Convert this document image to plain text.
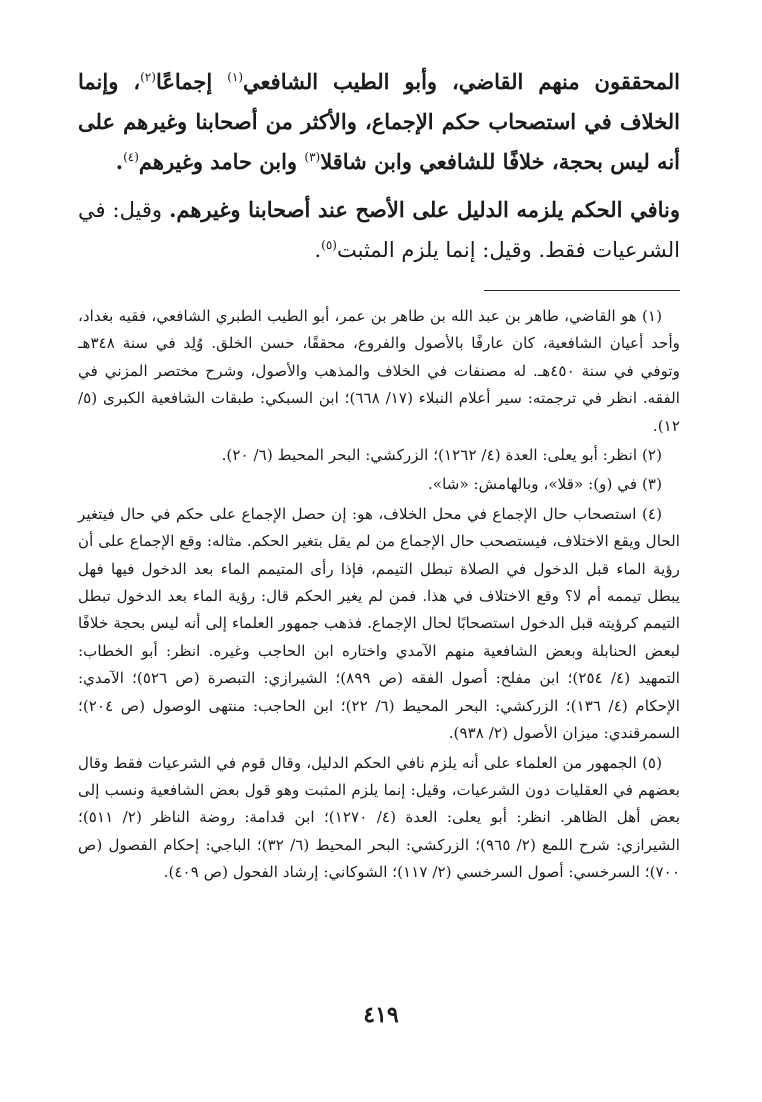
المحققون منهم القاضي، وأبو الطيب الشافعي$^{(١)}$ إجماعًا$^{(٢)}$، وإنما الخلاف في استصحاب حكم الإجماع، والأكثر من أصحابنا وغيرهم على أنه ليس بحجة، خلافًا للشافعي وابن شاقلا$^{(٣)}$ وابن حامد وغيرهم$^{(٤)}$.

ونافي الحكم يلزمه الدليل على الأصح عند أصحابنا وغيرهم. وقيل: في الشرعيات فقط. وقيل: إنما يلزم المثبت$^{(٥)}$.

(١) هو القاضي، طاهر بن عبد الله بن طاهر بن عمر، أبو الطيب الطبري الشافعي، فقيه بغداد، وأحد أعيان الشافعية، كان عارفًا بالأصول والفروع، محققًا، حسن الخلق. وُلِد في سنة ٣٤٨هـ وتوفي في سنة ٤٥٠هـ. له مصنفات في الخلاف والمذهب والأصول، وشرح مختصر المزني في الفقه. انظر في ترجمته: سير أعلام النبلاء (١٧/ ٦٦٨)؛ ابن السبكي: طبقات الشافعية الكبرى (٥/ ١٢).

(٢) انظر: أبو يعلى: العدة (٤/ ١٢٦٢)؛ الزركشي: البحر المحيط (٦/ ٢٠).

(٣) في (و): «قلا»، وبالهامش: «شا».

(٤) استصحاب حال الإجماع في محل الخلاف، هو: إن حصل الإجماع على حكم في حال فيتغير الحال ويقع الاختلاف، فيستصحب حال الإجماع من لم يقل بتغير الحكم. مثاله: وقع الإجماع على أن رؤية الماء قبل الدخول في الصلاة تبطل التيمم، فإذا رأى المتيمم الماء بعد الدخول فيها فهل يبطل تيممه أم لا؟ وقع الاختلاف في هذا. فمن لم يغير الحكم قال: رؤية الماء بعد الدخول تبطل التيمم كرؤيته قبل الدخول استصحابًا لحال الإجماع. فذهب جمهور العلماء إلى أنه ليس بحجة خلافًا لبعض الحنابلة وبعض الشافعية منهم الآمدي واختاره ابن الحاجب وغيره. انظر: أبو الخطاب: التمهيد (٤/ ٢٥٤)؛ ابن مفلح: أصول الفقه (ص ٨٩٩)؛ الشيرازي: التبصرة (ص ٥٢٦)؛ الآمدي: الإحكام (٤/ ١٣٦)؛ الزركشي: البحر المحيط (٦/ ٢٢)؛ ابن الحاجب: منتهى الوصول (ص ٢٠٤)؛ السمرقندي: ميزان الأصول (٢/ ٩٣٨).

(٥) الجمهور من العلماء على أنه يلزم نافي الحكم الدليل، وقال قوم في الشرعيات فقط وقال بعضهم في العقليات دون الشرعيات، وقيل: إنما يلزم المثبت وهو قول بعض الشافعية ونسب إلى بعض أهل الظاهر. انظر: أبو يعلى: العدة (٤/ ١٢٧٠)؛ ابن قدامة: روضة الناظر (٢/ ٥١١)؛ الشيرازي: شرح اللمع (٢/ ٩٦٥)؛ الزركشي: البحر المحيط (٦/ ٣٢)؛ الباجي: إحكام الفصول (ص ٧٠٠)؛ السرخسي: أصول السرخسي (٢/ ١١٧)؛ الشوكاني: إرشاد الفحول (ص ٤٠٩).

٤١٩
